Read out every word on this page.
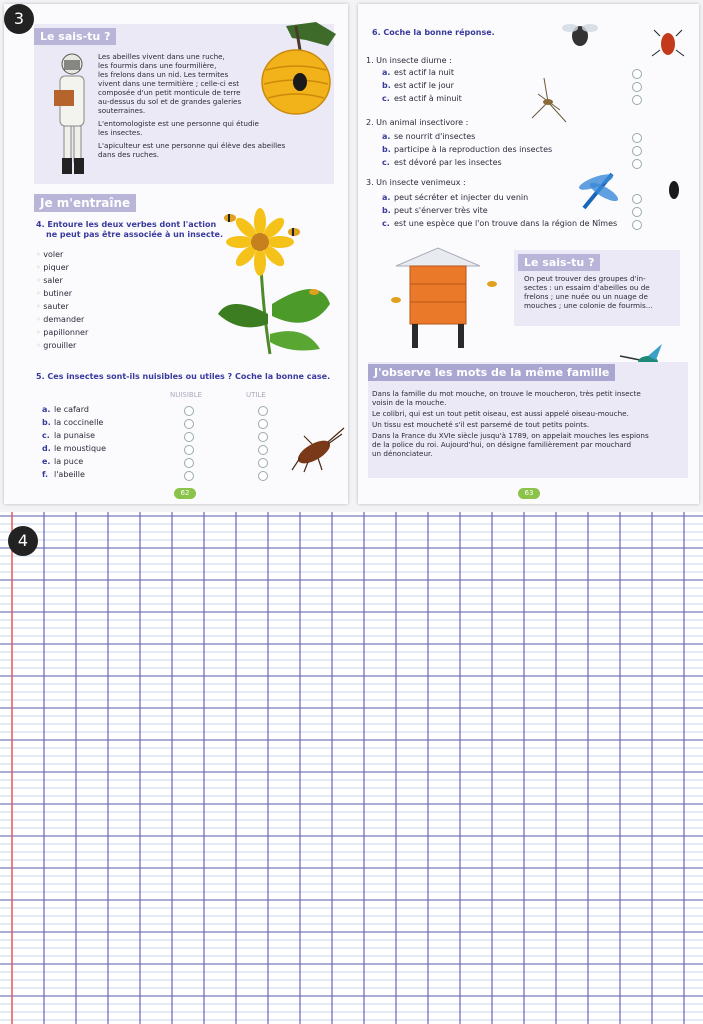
3
Le sais-tu ?
Les abeilles vivent dans une ruche,
les fourmis dans une fourmilière,
les frelons dans un nid. Les termites
vivent dans une termitière ; celle-ci est
composée d'un petit monticule de terre
au-dessus du sol et de grandes galeries
souterraines.
L'entomologiste est une personne qui étudie
les insectes.
L'apiculteur est une personne qui élève des abeilles
dans des ruches.
Je m'entraîne
4. Entoure les deux verbes dont l'action
ne peut pas être associée à un insecte.
◦ voler
◦ piquer
◦ saler
◦ butiner
◦ sauter
◦ demander
◦ papillonner
◦ grouiller
5. Ces insectes sont-ils nuisibles ou utiles ? Coche la bonne case.
NUISIBLE	UTILE
a. le cafard
b. la coccinelle
c. la punaise
d. le moustique
e. la puce
f. l'abeille
62
6. Coche la bonne réponse.
1. Un insecte diurne :
a. est actif la nuit
b. est actif le jour
c. est actif à minuit
2. Un animal insectivore :
a. se nourrit d'insectes
b. participe à la reproduction des insectes
c. est dévoré par les insectes
3. Un insecte venimeux :
a. peut sécréter et injecter du venin
b. peut s'énerver très vite
c. est une espèce que l'on trouve dans la région de Nîmes
Le sais-tu ?
On peut trouver des groupes d'in-
sectes : un essaim d'abeilles ou de
frelons ; une nuée ou un nuage de
mouches ; une colonie de fourmis...
J'observe les mots de la même famille
Dans la famille du mot mouche, on trouve le moucheron, très petit insecte
voisin de la mouche.
Le colibri, qui est un tout petit oiseau, est aussi appelé oiseau-mouche.
Un tissu est moucheté s'il est parsemé de tout petits points.
Dans la France du XVIe siècle jusqu'à 1789, on appelait mouches les espions
de la police du roi. Aujourd'hui, on désigne familièrement par mouchard
un dénonciateur.
63
4
